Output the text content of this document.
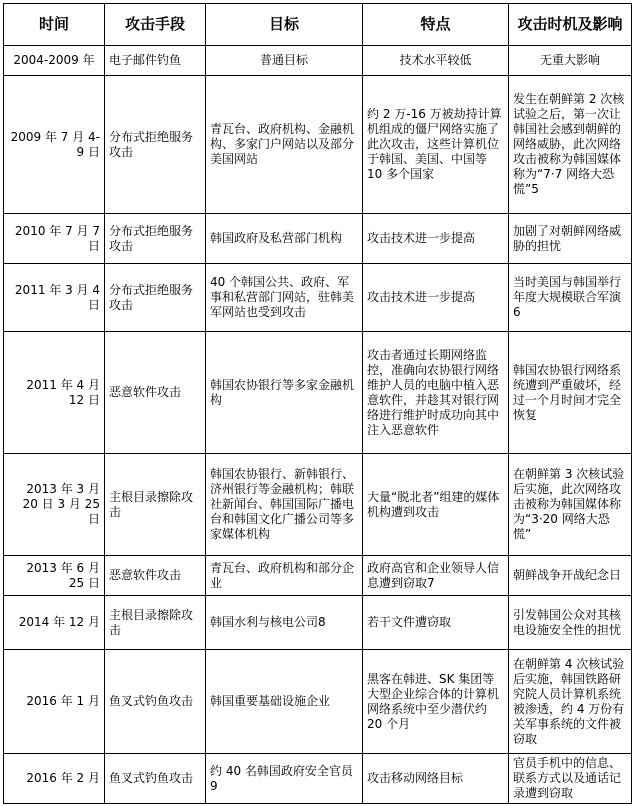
时间	攻击手段	目标	特点	攻击时机及影响
2004-2009 年	电子邮件钓鱼	普通目标	技术水平较低	无重大影响
2009 年 7 月 4-9 日	分布式拒绝服务攻击	青瓦台、政府机构、金融机构、多家门户网站以及部分美国网站	约 2 万-16 万被劫持计算机组成的僵尸网络实施了此次攻击，这些计算机位于韩国、美国、中国等 10 多个国家	发生在朝鲜第 2 次核试验之后，第一次让韩国社会感到朝鲜的网络威胁，此次网络攻击被称为韩国媒体称为“7·7 网络大恐慌”5
2010 年 7 月 7 日	分布式拒绝服务攻击	韩国政府及私营部门机构	攻击技术进一步提高	加剧了对朝鲜网络威胁的担忧
2011 年 3 月 4 日	分布式拒绝服务攻击	40 个韩国公共、政府、军事和私营部门网站，驻韩美军网站也受到攻击	攻击技术进一步提高	当时美国与韩国举行年度大规模联合军演6
2011 年 4 月 12 日	恶意软件攻击	韩国农协银行等多家金融机构	攻击者通过长期网络监控，准确向农协银行网络维护人员的电脑中植入恶意软件，并趁其对银行网络进行维护时成功向其中注入恶意软件	韩国农协银行网络系统遭到严重破坏，经过一个月时间才完全恢复
2013 年 3 月 20 日 3 月 25 日	主根目录擦除攻击	韩国农协银行、新韩银行、济州银行等金融机构；韩联社新闻台、韩国国际广播电台和韩国文化广播公司等多家媒体机构	大量“脱北者”组建的媒体机构遭到攻击	在朝鲜第 3 次核试验后实施，此次网络攻击被称为韩国媒体称为“3·20 网络大恐慌”
2013 年 6 月 25 日	恶意软件攻击	青瓦台、政府机构和部分企业	政府高官和企业领导人信息遭到窃取7	朝鲜战争开战纪念日
2014 年 12 月	主根目录擦除攻击	韩国水利与核电公司8	若干文件遭窃取	引发韩国公众对其核电设施安全性的担忧
2016 年 1 月	鱼叉式钓鱼攻击	韩国重要基础设施企业	黑客在韩进、SK 集团等大型企业综合体的计算机网络系统中至少潜伏约 20 个月	在朝鲜第 4 次核试验后实施，韩国铁路研究院人员计算机系统被渗透，约 4 万份有关军事系统的文件被窃取
2016 年 2 月	鱼叉式钓鱼攻击	约 40 名韩国政府安全官员9	攻击移动网络目标	官员手机中的信息、联系方式以及通话记录遭到窃取
